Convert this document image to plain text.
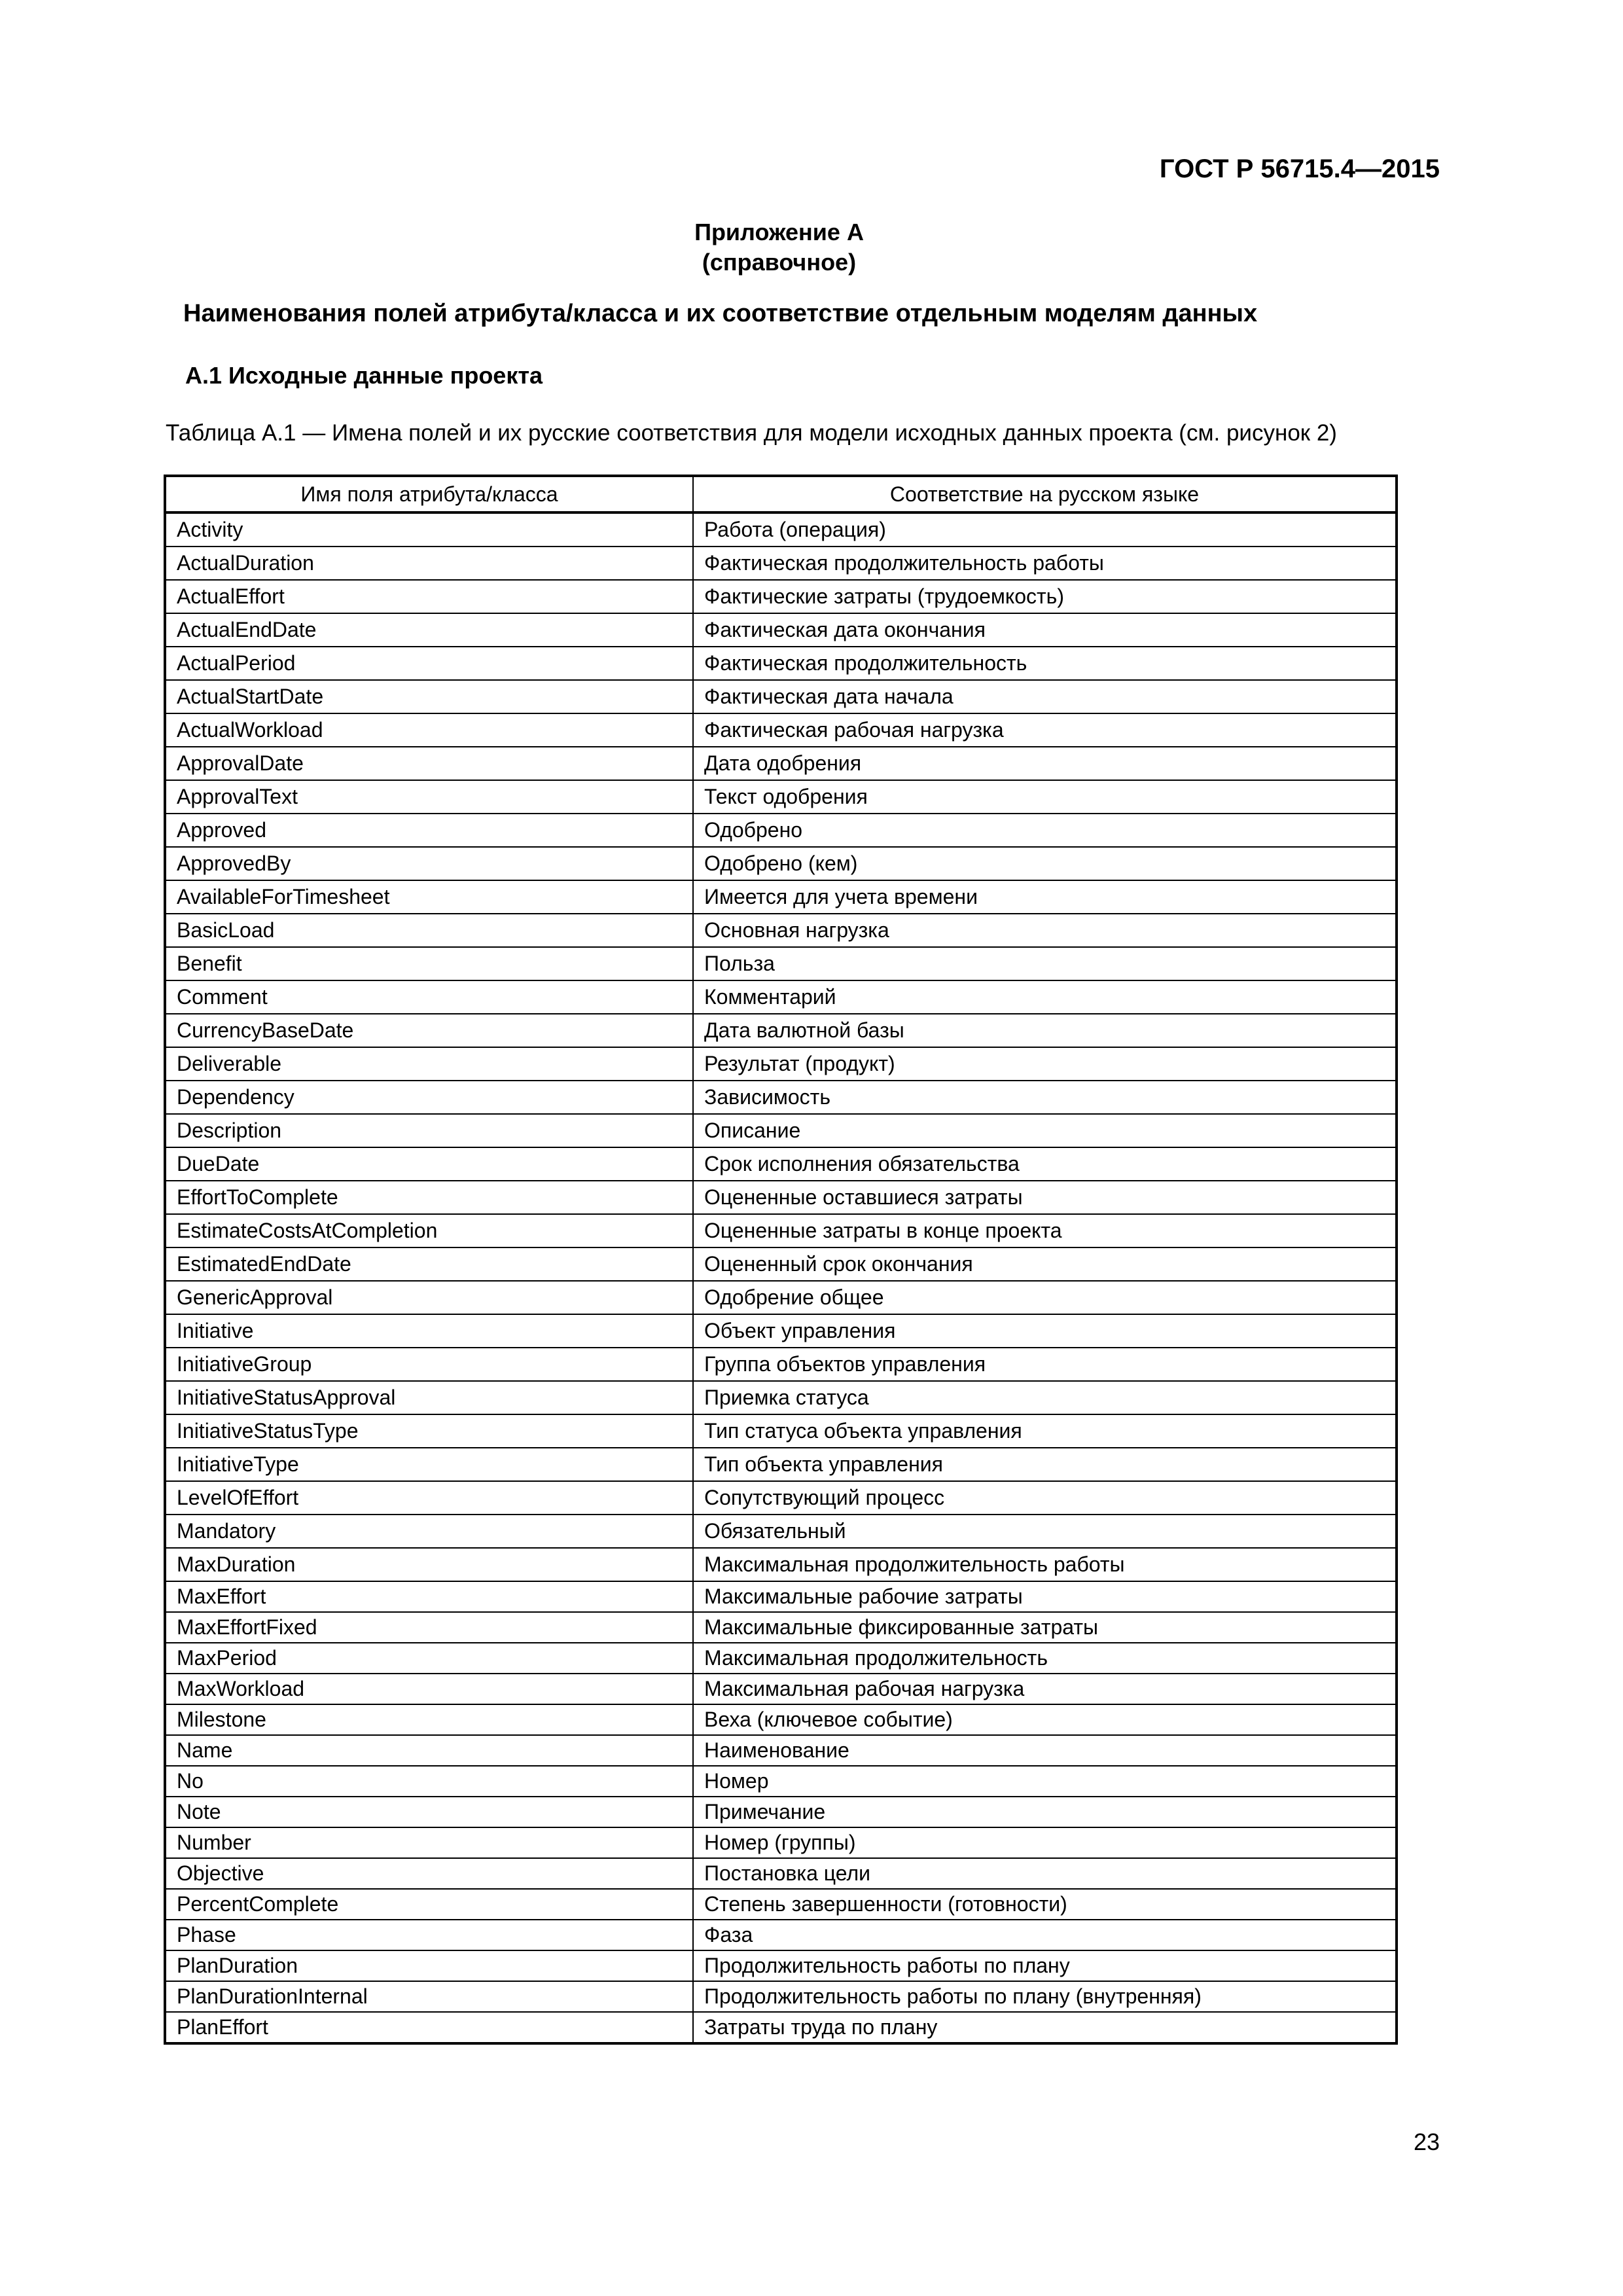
ГОСТ Р 56715.4—2015
Приложение А
(справочное)
Наименования полей атрибута/класса и их соответствие отдельным моделям данных
А.1 Исходные данные проекта
Таблица А.1 — Имена полей и их русские соответствия для модели исходных данных проекта (см. рисунок 2)
Имя поля атрибута/класса	Соответствие на русском языке
Activity	Работа (операция)
ActualDuration	Фактическая продолжительность работы
ActualEffort	Фактические затраты (трудоемкость)
ActualEndDate	Фактическая дата окончания
ActualPeriod	Фактическая продолжительность
ActualStartDate	Фактическая дата начала
ActualWorkload	Фактическая рабочая нагрузка
ApprovalDate	Дата одобрения
ApprovalText	Текст одобрения
Approved	Одобрено
ApprovedBy	Одобрено (кем)
AvailableForTimesheet	Имеется для учета времени
BasicLoad	Основная нагрузка
Benefit	Польза
Comment	Комментарий
CurrencyBaseDate	Дата валютной базы
Deliverable	Результат (продукт)
Dependency	Зависимость
Description	Описание
DueDate	Срок исполнения обязательства
EffortToComplete	Оцененные оставшиеся затраты
EstimateCostsAtCompletion	Оцененные затраты в конце проекта
EstimatedEndDate	Оцененный срок окончания
GenericApproval	Одобрение общее
Initiative	Объект управления
InitiativeGroup	Группа объектов управления
InitiativeStatusApproval	Приемка статуса
InitiativeStatusType	Тип статуса объекта управления
InitiativeType	Тип объекта управления
LevelOfEffort	Сопутствующий процесс
Mandatory	Обязательный
MaxDuration	Максимальная продолжительность работы
MaxEffort	Максимальные рабочие затраты
MaxEffortFixed	Максимальные фиксированные затраты
MaxPeriod	Максимальная продолжительность
MaxWorkload	Максимальная рабочая нагрузка
Milestone	Веха (ключевое событие)
Name	Наименование
No	Номер
Note	Примечание
Number	Номер (группы)
Objective	Постановка цели
PercentComplete	Степень завершенности (готовности)
Phase	Фаза
PlanDuration	Продолжительность работы по плану
PlanDurationInternal	Продолжительность работы по плану (внутренняя)
PlanEffort	Затраты труда по плану
23
